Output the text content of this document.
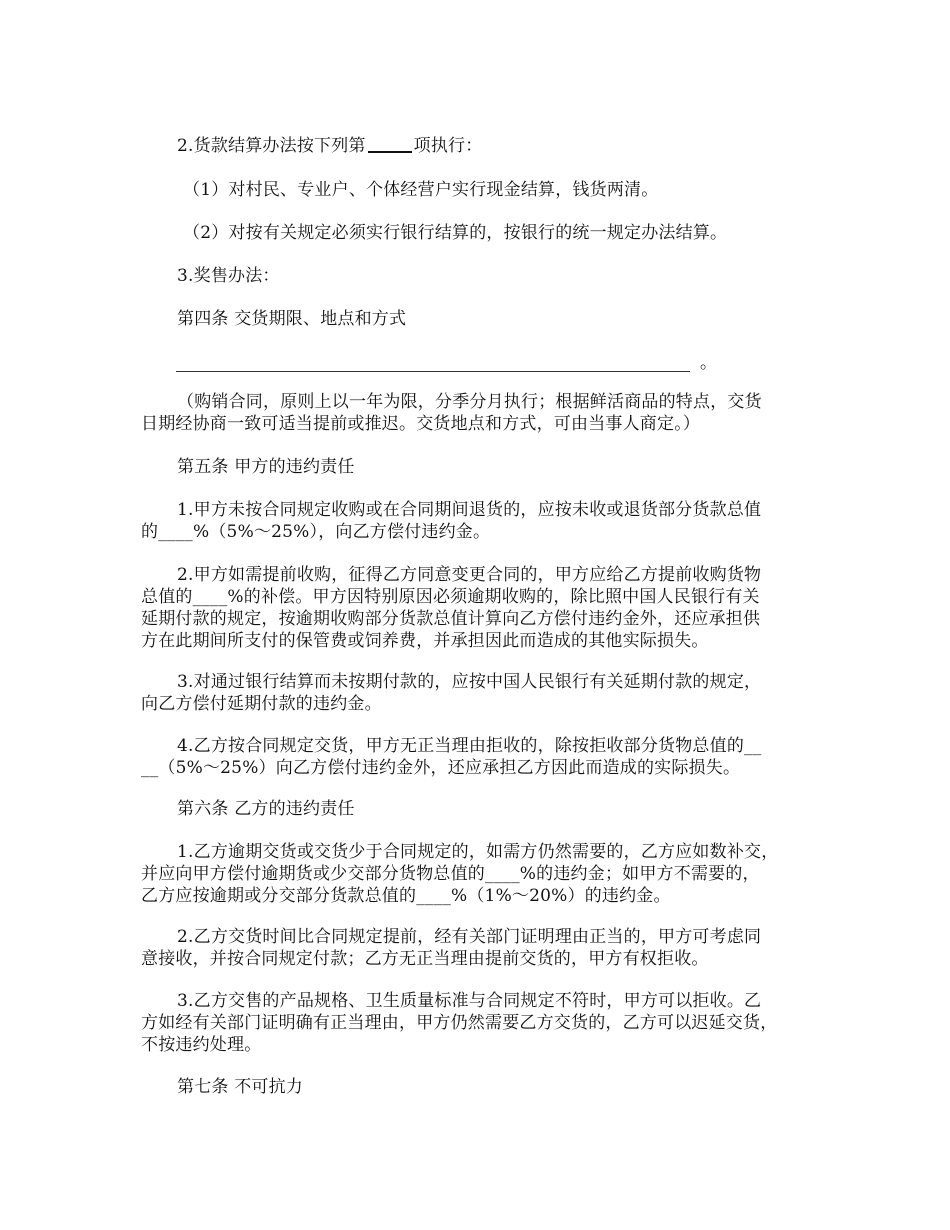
2.货款结算办法按下列第	项执行：
（1）对村民、专业户、个体经营户实行现金结算，钱货两清。
（2）对按有关规定必须实行银行结算的，按银行的统一规定办法结算。
3.奖售办法：
第四条 交货期限、地点和方式
。
（购销合同，原则上以一年为限，分季分月执行；根据鲜活商品的特点，交货
日期经协商一致可适当提前或推迟。交货地点和方式，可由当事人商定。）
第五条 甲方的违约责任
1.甲方未按合同规定收购或在合同期间退货的，应按未收或退货部分货款总值
的____%（5%～25%），向乙方偿付违约金。
2.甲方如需提前收购，征得乙方同意变更合同的，甲方应给乙方提前收购货物
总值的____%的补偿。甲方因特别原因必须逾期收购的，除比照中国人民银行有关
延期付款的规定，按逾期收购部分货款总值计算向乙方偿付违约金外，还应承担供
方在此期间所支付的保管费或饲养费，并承担因此而造成的其他实际损失。
3.对通过银行结算而未按期付款的，应按中国人民银行有关延期付款的规定，
向乙方偿付延期付款的违约金。
4.乙方按合同规定交货，甲方无正当理由拒收的，除按拒收部分货物总值的__
__（5%～25%）向乙方偿付违约金外，还应承担乙方因此而造成的实际损失。
第六条 乙方的违约责任
1.乙方逾期交货或交货少于合同规定的，如需方仍然需要的，乙方应如数补交，
并应向甲方偿付逾期货或少交部分货物总值的____%的违约金；如甲方不需要的，
乙方应按逾期或分交部分货款总值的____%（1%～20%）的违约金。
2.乙方交货时间比合同规定提前，经有关部门证明理由正当的，甲方可考虑同
意接收，并按合同规定付款；乙方无正当理由提前交货的，甲方有权拒收。
3.乙方交售的产品规格、卫生质量标准与合同规定不符时，甲方可以拒收。乙
方如经有关部门证明确有正当理由，甲方仍然需要乙方交货的，乙方可以迟延交货，
不按违约处理。
第七条 不可抗力
